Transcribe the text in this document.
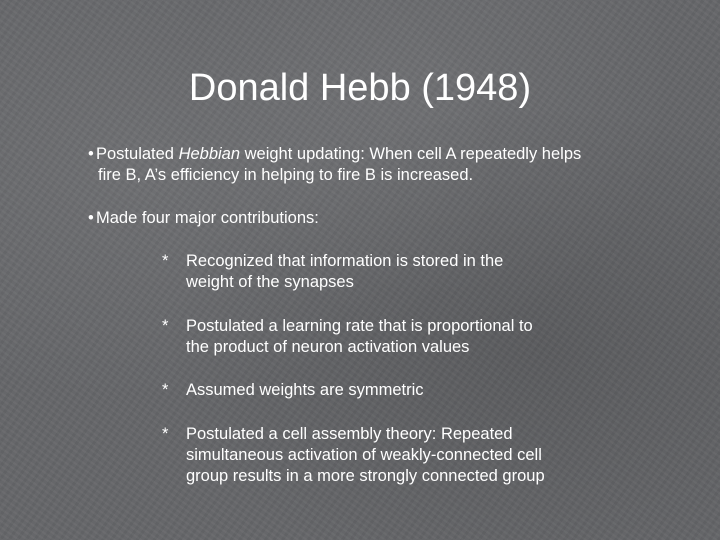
Donald Hebb (1948)
• Postulated Hebbian weight updating: When cell A repeatedly helps
fire B, A’s efficiency in helping to fire B is increased.
• Made four major contributions:
* Recognized that information is stored in the
weight of the synapses
* Postulated a learning rate that is proportional to
the product of neuron activation values
* Assumed weights are symmetric
* Postulated a cell assembly theory: Repeated
simultaneous activation of weakly-connected cell
group results in a more strongly connected group
